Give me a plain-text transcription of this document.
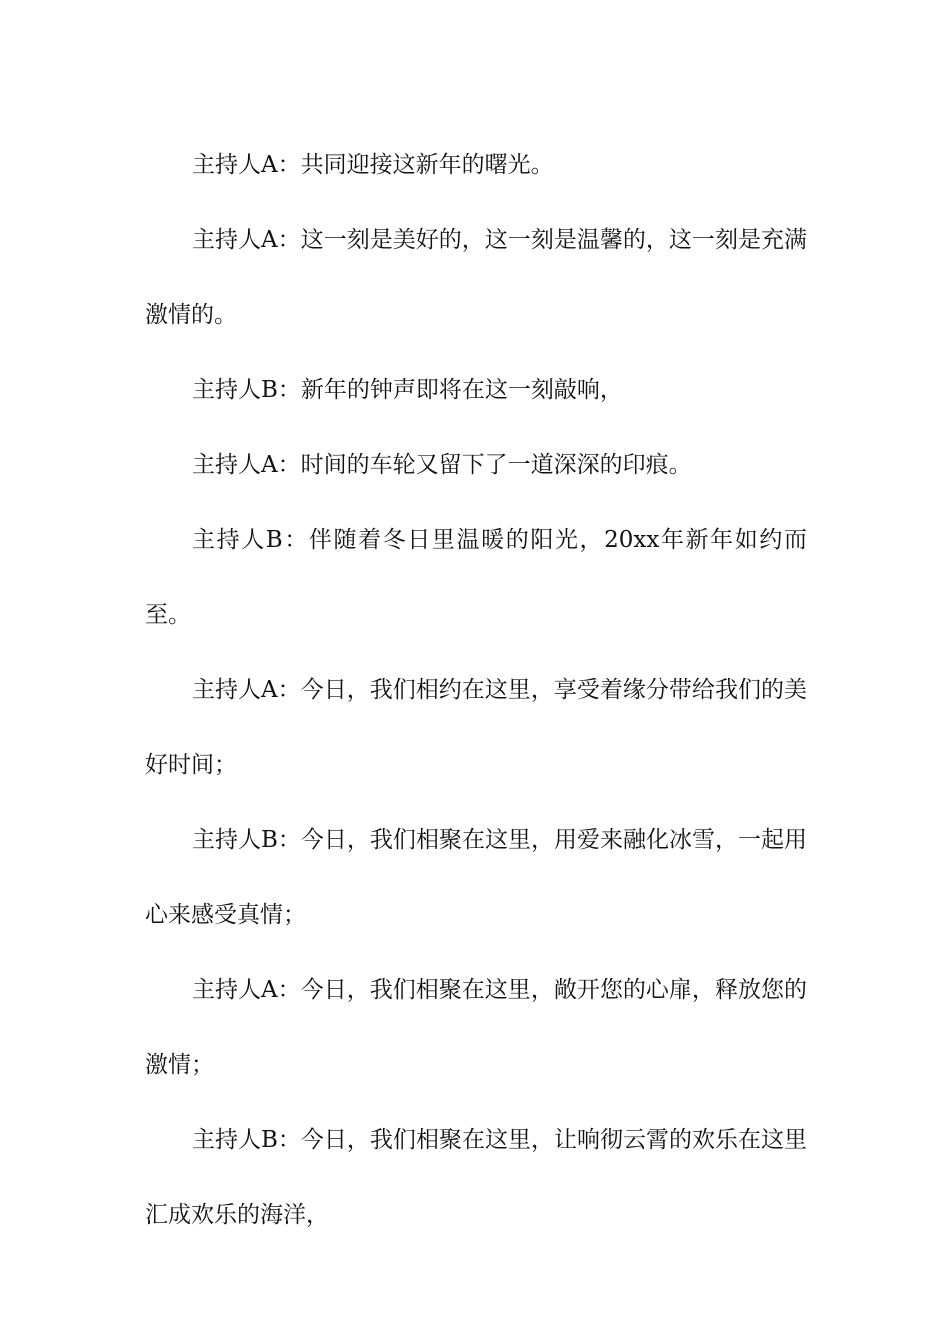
主持人A：共同迎接这新年的曙光。

主持人A：这一刻是美好的，这一刻是温馨的，这一刻是充满激情的。

主持人B：新年的钟声即将在这一刻敲响，

主持人A：时间的车轮又留下了一道深深的印痕。

主持人B：伴随着冬日里温暖的阳光，20xx年新年如约而至。

主持人A：今日，我们相约在这里，享受着缘分带给我们的美好时间；

主持人B：今日，我们相聚在这里，用爱来融化冰雪，一起用心来感受真情；

主持人A：今日，我们相聚在这里，敞开您的心扉，释放您的激情；

主持人B：今日，我们相聚在这里，让响彻云霄的欢乐在这里汇成欢乐的海洋，
